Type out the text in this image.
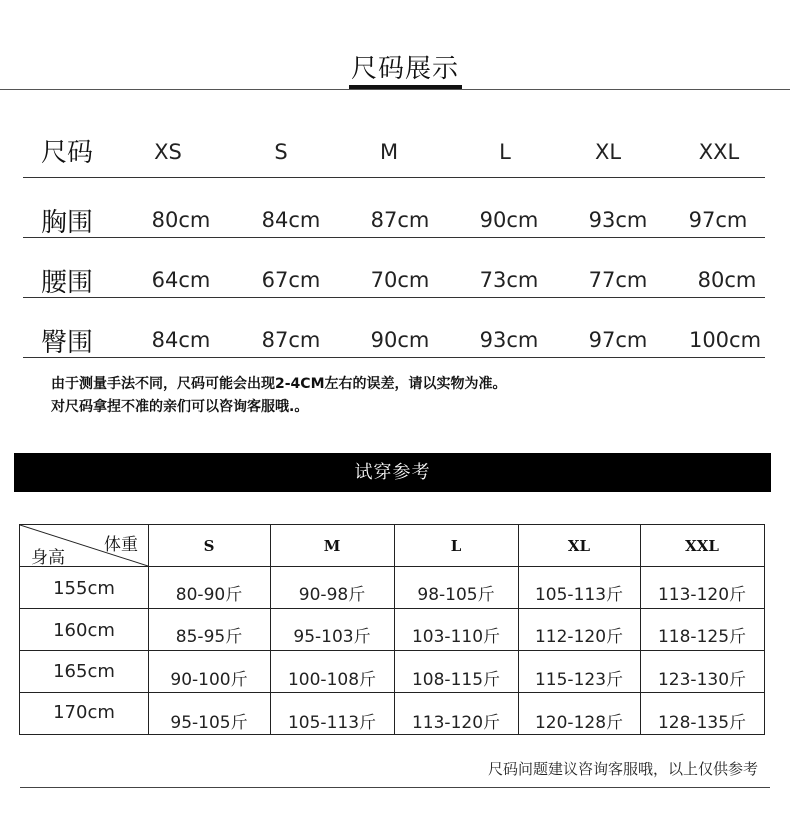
尺码展示
尺码	XS	S	M	L	XL	XXL
胸围	80cm 84cm 87cm 90cm 93cm 97cm
腰围	64cm 67cm 70cm 73cm 77cm 80cm
臀围	84cm 87cm 90cm 93cm 97cm 100cm
由于测量手法不同，尺码可能会出现2-4CM左右的误差，请以实物为准。
对尺码拿捏不准的亲们可以咨询客服哦.。
试穿参考
体重
身高
S	M	L	XL	XXL
155cm	80-90斤	90-98斤	98-105斤	105-113斤	113-120斤
160cm	85-95斤	95-103斤	103-110斤	112-120斤	118-125斤
165cm	90-100斤	100-108斤	108-115斤	115-123斤	123-130斤
170cm	95-105斤	105-113斤	113-120斤	120-128斤	128-135斤
尺码问题建议咨询客服哦，以上仅供参考
